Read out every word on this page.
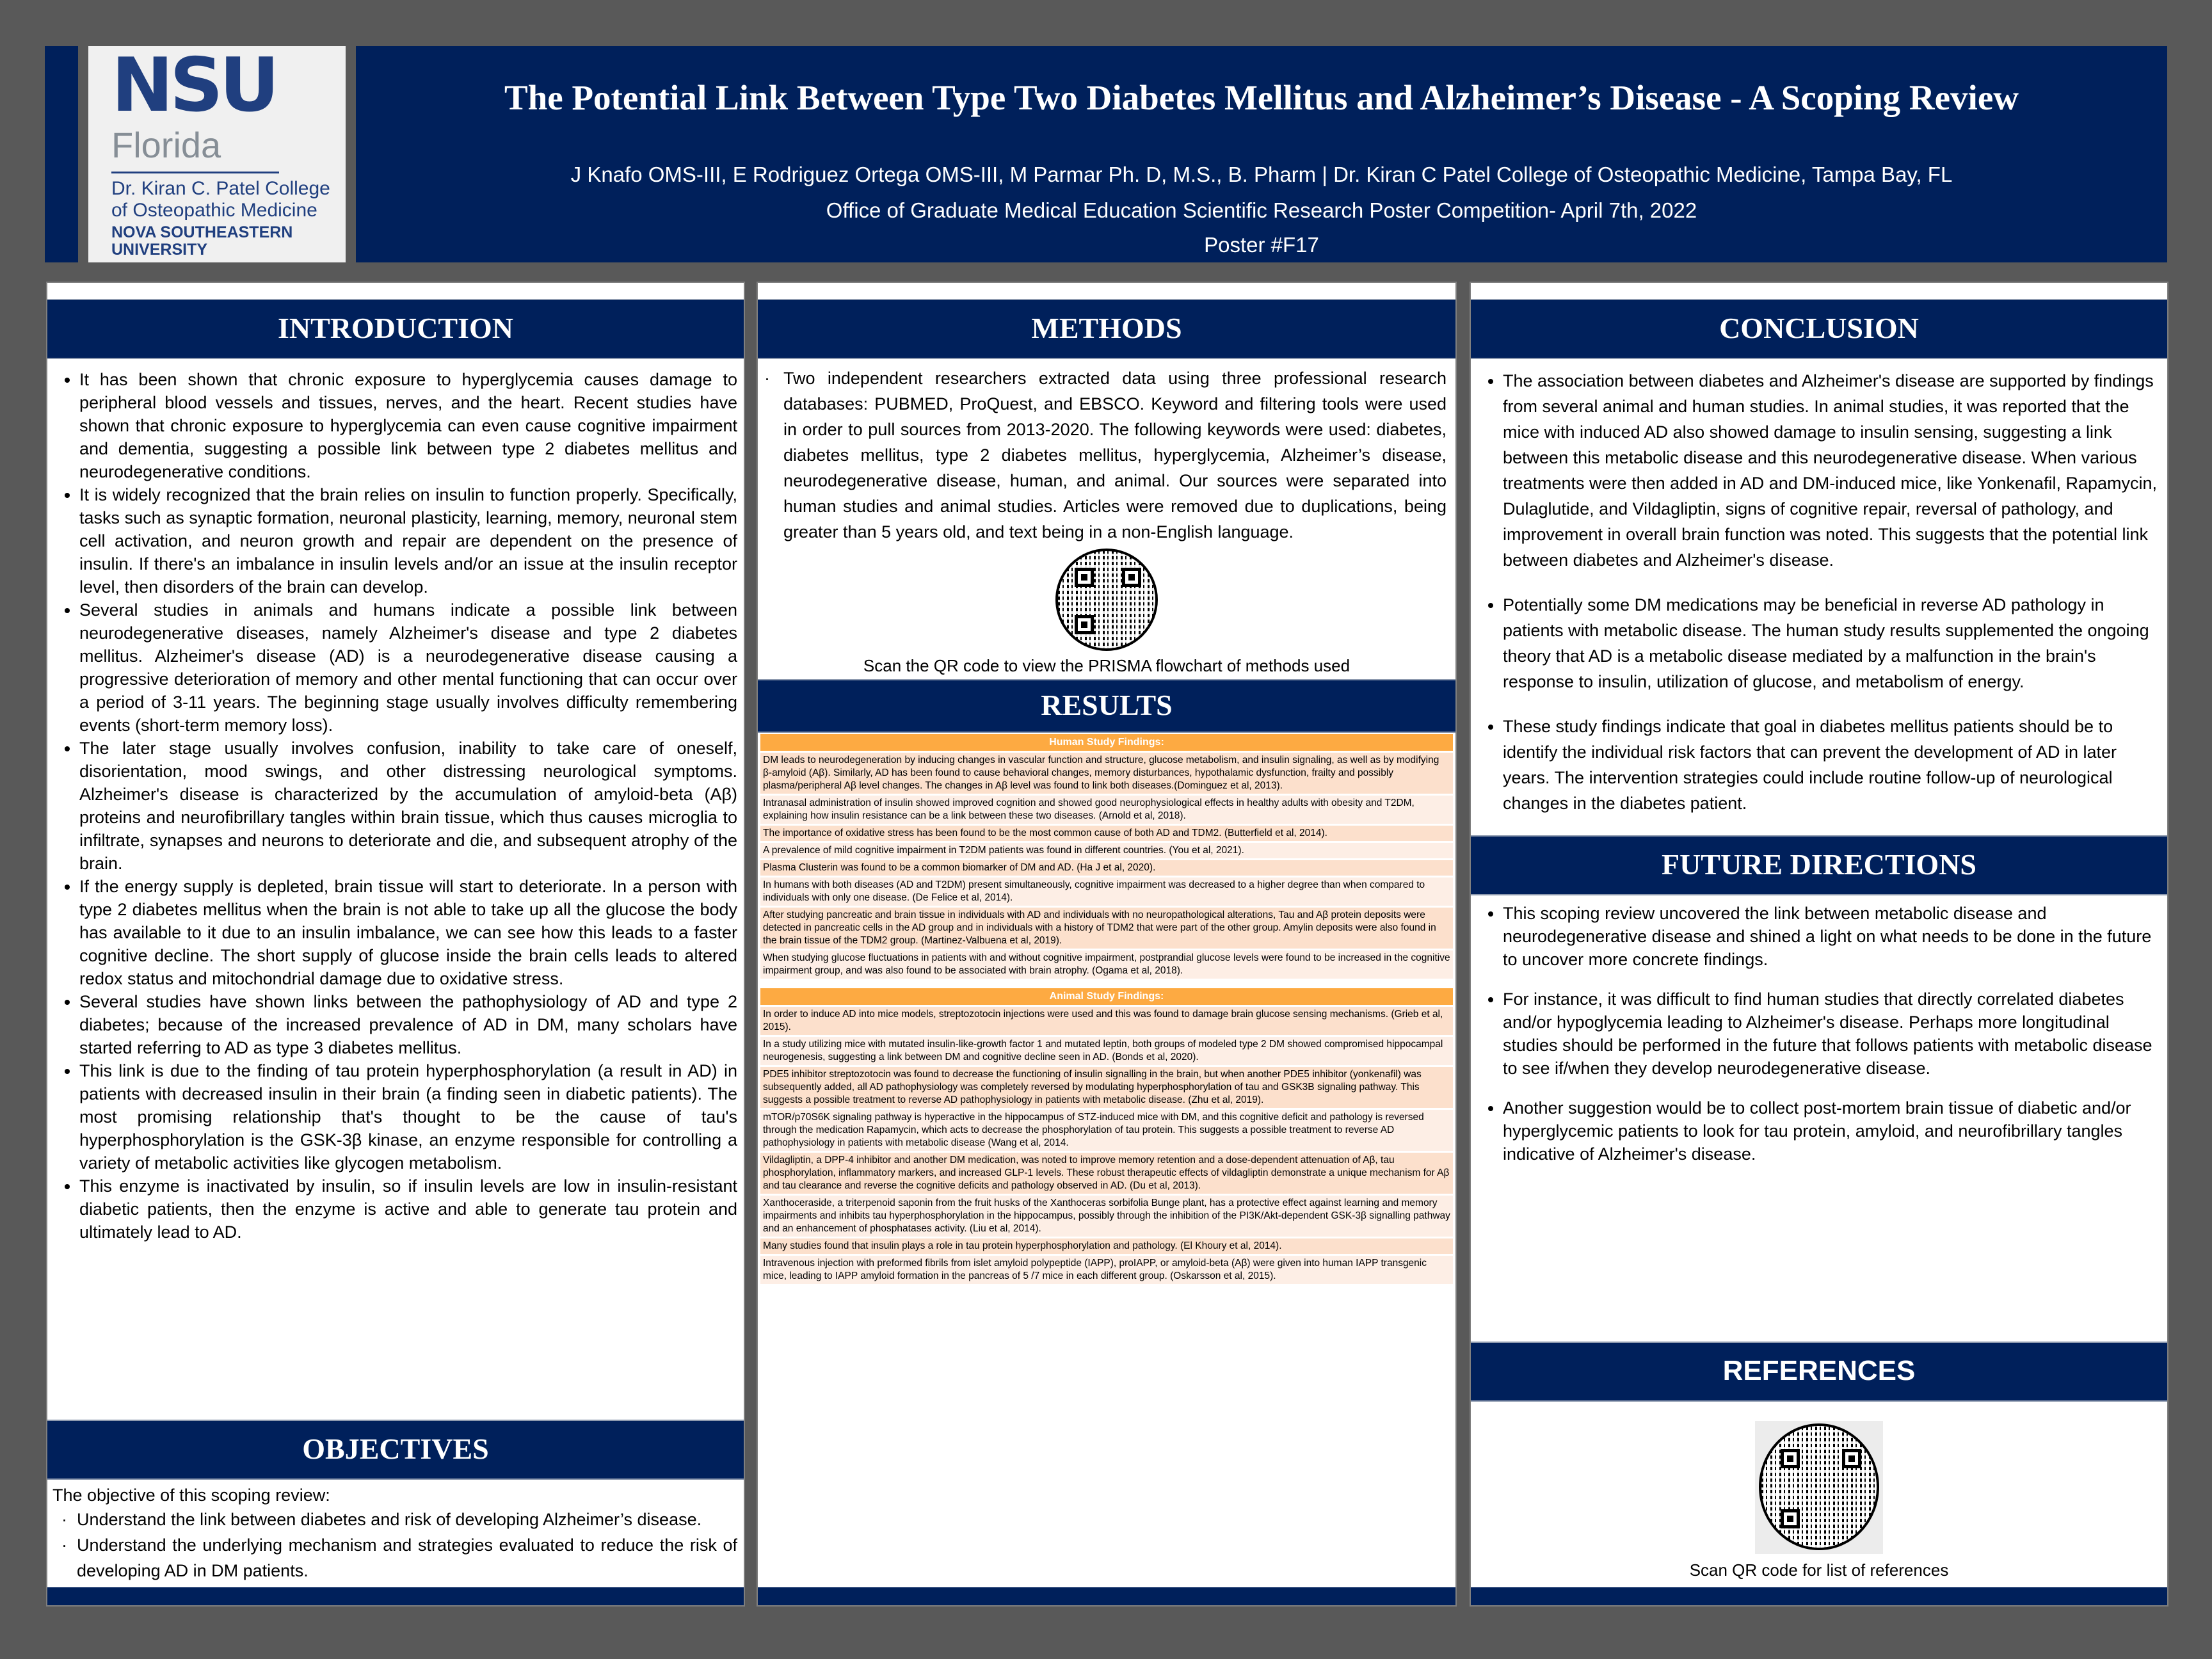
NSU
Florida
Dr. Kiran C. Patel College
of Osteopathic Medicine
NOVA SOUTHEASTERN
UNIVERSITY
The Potential Link Between Type Two Diabetes Mellitus and Alzheimer’s Disease - A Scoping Review
J Knafo OMS-III, E Rodriguez Ortega OMS-III, M Parmar Ph. D, M.S., B. Pharm | Dr. Kiran C Patel College of Osteopathic Medicine, Tampa Bay, FL
Office of Graduate Medical Education Scientific Research Poster Competition- April 7th, 2022
Poster #F17
INTRODUCTION
• It has been shown that chronic exposure to hyperglycemia causes damage to peripheral blood vessels and tissues, nerves, and the heart. Recent studies have shown that chronic exposure to hyperglycemia can even cause cognitive impairment and dementia, suggesting a possible link between type 2 diabetes mellitus and neurodegenerative conditions.
• It is widely recognized that the brain relies on insulin to function properly. Specifically, tasks such as synaptic formation, neuronal plasticity, learning, memory, neuronal stem cell activation, and neuron growth and repair are dependent on the presence of insulin. If there's an imbalance in insulin levels and/or an issue at the insulin receptor level, then disorders of the brain can develop.
• Several studies in animals and humans indicate a possible link between neurodegenerative diseases, namely Alzheimer's disease and type 2 diabetes mellitus. Alzheimer's disease (AD) is a neurodegenerative disease causing a progressive deterioration of memory and other mental functioning that can occur over a period of 3-11 years. The beginning stage usually involves difficulty remembering events (short-term memory loss).
• The later stage usually involves confusion, inability to take care of oneself, disorientation, mood swings, and other distressing neurological symptoms. Alzheimer's disease is characterized by the accumulation of amyloid-beta (Aβ) proteins and neurofibrillary tangles within brain tissue, which thus causes microglia to infiltrate, synapses and neurons to deteriorate and die, and subsequent atrophy of the brain.
• If the energy supply is depleted, brain tissue will start to deteriorate. In a person with type 2 diabetes mellitus when the brain is not able to take up all the glucose the body has available to it due to an insulin imbalance, we can see how this leads to a faster cognitive decline. The short supply of glucose inside the brain cells leads to altered redox status and mitochondrial damage due to oxidative stress.
• Several studies have shown links between the pathophysiology of AD and type 2 diabetes; because of the increased prevalence of AD in DM, many scholars have started referring to AD as type 3 diabetes mellitus.
• This link is due to the finding of tau protein hyperphosphorylation (a result in AD) in patients with decreased insulin in their brain (a finding seen in diabetic patients). The most promising relationship that's thought to be the cause of tau's hyperphosphorylation is the GSK-3β kinase, an enzyme responsible for controlling a variety of metabolic activities like glycogen metabolism.
• This enzyme is inactivated by insulin, so if insulin levels are low in insulin-resistant diabetic patients, then the enzyme is active and able to generate tau protein and ultimately lead to AD.
OBJECTIVES
The objective of this scoping review:
· Understand the link between diabetes and risk of developing Alzheimer’s disease.
· Understand the underlying mechanism and strategies evaluated to reduce the risk of developing AD in DM patients.
METHODS
· Two independent researchers extracted data using three professional research databases: PUBMED, ProQuest, and EBSCO. Keyword and filtering tools were used in order to pull sources from 2013-2020. The following keywords were used: diabetes, diabetes mellitus, type 2 diabetes mellitus, hyperglycemia, Alzheimer’s disease, neurodegenerative disease, human, and animal. Our sources were separated into human studies and animal studies. Articles were removed due to duplications, being greater than 5 years old, and text being in a non-English language.
Scan the QR code to view the PRISMA flowchart of methods used
RESULTS
Human Study Findings:
DM leads to neurodegeneration by inducing changes in vascular function and structure, glucose metabolism, and insulin signaling, as well as by modifying β-amyloid (Aβ). Similarly, AD has been found to cause behavioral changes, memory disturbances, hypothalamic dysfunction, frailty and possibly plasma/peripheral Aβ level changes. The changes in Aβ level was found to link both diseases.(Dominguez et al, 2013).
Intranasal administration of insulin showed improved cognition and showed good neurophysiological effects in healthy adults with obesity and T2DM, explaining how insulin resistance can be a link between these two diseases. (Arnold et al, 2018).
The importance of oxidative stress has been found to be the most common cause of both AD and TDM2. (Butterfield et al, 2014).
A prevalence of mild cognitive impairment in T2DM patients was found in different countries. (You et al, 2021).
Plasma Clusterin was found to be a common biomarker of DM and AD. (Ha J et al, 2020).
In humans with both diseases (AD and T2DM) present simultaneously, cognitive impairment was decreased to a higher degree than when compared to individuals with only one disease. (De Felice et al, 2014).
After studying pancreatic and brain tissue in individuals with AD and individuals with no neuropathological alterations, Tau and Aβ protein deposits were detected in pancreatic cells in the AD group and in individuals with a history of TDM2 that were part of the other group. Amylin deposits were also found in the brain tissue of the TDM2 group. (Martinez-Valbuena et al, 2019).
When studying glucose fluctuations in patients with and without cognitive impairment, postprandial glucose levels were found to be increased in the cognitive impairment group, and was also found to be associated with brain atrophy. (Ogama et al, 2018).
Animal Study Findings:
In order to induce AD into mice models, streptozotocin injections were used and this was found to damage brain glucose sensing mechanisms. (Grieb et al, 2015).
In a study utilizing mice with mutated insulin-like-growth factor 1 and mutated leptin, both groups of modeled type 2 DM showed compromised hippocampal neurogenesis, suggesting a link between DM and cognitive decline seen in AD. (Bonds et al, 2020).
PDE5 inhibitor streptozotocin was found to decrease the functioning of insulin signalling in the brain, but when another PDE5 inhibitor (yonkenafil) was subsequently added, all AD pathophysiology was completely reversed by modulating hyperphosphorylation of tau and GSK3B signaling pathway. This suggests a possible treatment to reverse AD pathophysiology in patients with metabolic disease. (Zhu et al, 2019).
mTOR/p70S6K signaling pathway is hyperactive in the hippocampus of STZ-induced mice with DM, and this cognitive deficit and pathology is reversed through the medication Rapamycin, which acts to decrease the phosphorylation of tau protein. This suggests a possible treatment to reverse AD pathophysiology in patients with metabolic disease (Wang et al, 2014.
Vildagliptin, a DPP-4 inhibitor and another DM medication, was noted to improve memory retention and a dose-dependent attenuation of Aβ, tau phosphorylation, inflammatory markers, and increased GLP-1 levels. These robust therapeutic effects of vildagliptin demonstrate a unique mechanism for Aβ and tau clearance and reverse the cognitive deficits and pathology observed in AD. (Du et al, 2013).
Xanthoceraside, a triterpenoid saponin from the fruit husks of the Xanthoceras sorbifolia Bunge plant, has a protective effect against learning and memory impairments and inhibits tau hyperphosphorylation in the hippocampus, possibly through the inhibition of the PI3K/Akt-dependent GSK-3β signalling pathway and an enhancement of phosphatases activity. (Liu et al, 2014).
Many studies found that insulin plays a role in tau protein hyperphosphorylation and pathology. (El Khoury et al, 2014).
Intravenous injection with preformed fibrils from islet amyloid polypeptide (IAPP), proIAPP, or amyloid-beta (Aβ) were given into human IAPP transgenic mice, leading to IAPP amyloid formation in the pancreas of 5 /7 mice in each different group. (Oskarsson et al, 2015).
CONCLUSION
• The association between diabetes and Alzheimer's disease are supported by findings from several animal and human studies. In animal studies, it was reported that the mice with induced AD also showed damage to insulin sensing, suggesting a link between this metabolic disease and this neurodegenerative disease. When various treatments were then added in AD and DM-induced mice, like Yonkenafil, Rapamycin, Dulaglutide, and Vildagliptin, signs of cognitive repair, reversal of pathology, and improvement in overall brain function was noted. This suggests that the potential link between diabetes and Alzheimer's disease.
• Potentially some DM medications may be beneficial in reverse AD pathology in patients with metabolic disease. The human study results supplemented the ongoing theory that AD is a metabolic disease mediated by a malfunction in the brain's response to insulin, utilization of glucose, and metabolism of energy.
• These study findings indicate that goal in diabetes mellitus patients should be to identify the individual risk factors that can prevent the development of AD in later years. The intervention strategies could include routine follow-up of neurological changes in the diabetes patient.
FUTURE DIRECTIONS
• This scoping review uncovered the link between metabolic disease and neurodegenerative disease and shined a light on what needs to be done in the future to uncover more concrete findings.
• For instance, it was difficult to find human studies that directly correlated diabetes and/or hypoglycemia leading to Alzheimer's disease. Perhaps more longitudinal studies should be performed in the future that follows patients with metabolic disease to see if/when they develop neurodegenerative disease.
• Another suggestion would be to collect post-mortem brain tissue of diabetic and/or hyperglycemic patients to look for tau protein, amyloid, and neurofibrillary tangles indicative of Alzheimer's disease.
REFERENCES
Scan QR code for list of references
